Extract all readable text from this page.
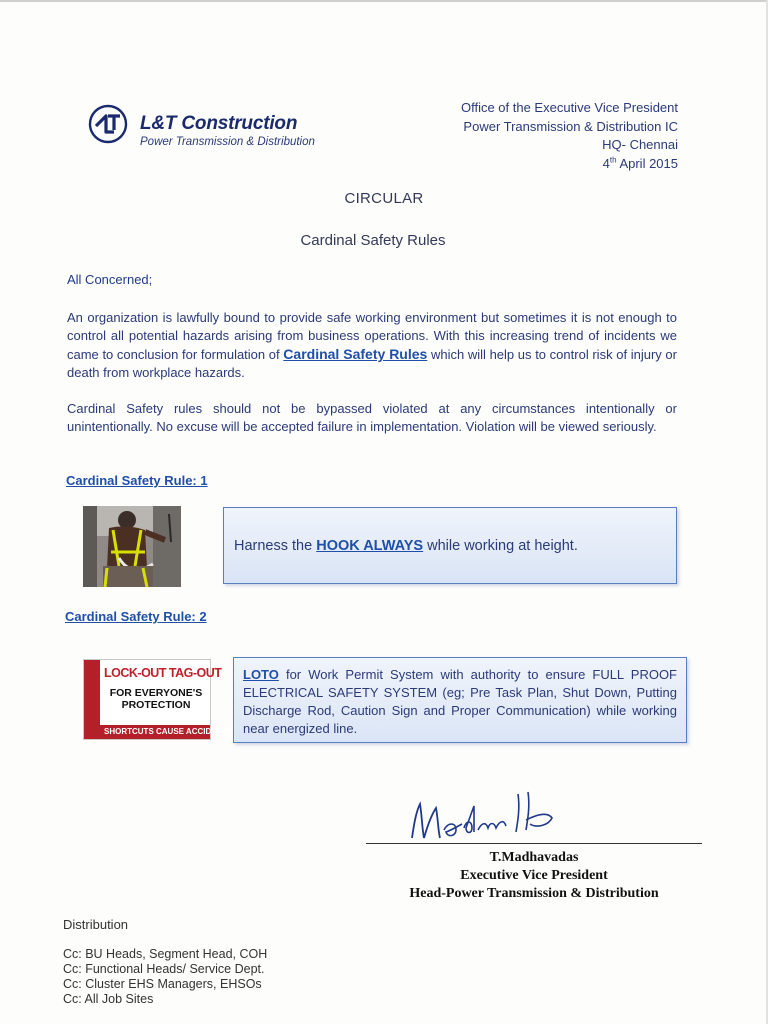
L&T Construction
Power Transmission & Distribution
Office of the Executive Vice President
Power Transmission & Distribution IC
HQ- Chennai
4th April 2015
CIRCULAR
Cardinal Safety Rules
All Concerned;
An organization is lawfully bound to provide safe working environment but sometimes it is not enough to control all potential hazards arising from business operations. With this increasing trend of incidents we came to conclusion for formulation of Cardinal Safety Rules which will help us to control risk of injury or death from workplace hazards.
Cardinal Safety rules should not be bypassed violated at any circumstances intentionally or unintentionally. No excuse will be accepted failure in implementation. Violation will be viewed seriously.
Cardinal Safety Rule: 1
Harness the HOOK ALWAYS while working at height.
Cardinal Safety Rule: 2
LOCK-OUT TAG-OUT
FOR EVERYONE'S PROTECTION
SHORTCUTS CAUSE ACCIDENTS
LOTO for Work Permit System with authority to ensure FULL PROOF ELECTRICAL SAFETY SYSTEM (eg; Pre Task Plan, Shut Down, Putting Discharge Rod, Caution Sign and Proper Communication) while working near energized line.
T.Madhavadas
Executive Vice President
Head-Power Transmission & Distribution
Distribution
Cc: BU Heads, Segment Head, COH
Cc: Functional Heads/ Service Dept.
Cc: Cluster EHS Managers, EHSOs
Cc: All Job Sites
